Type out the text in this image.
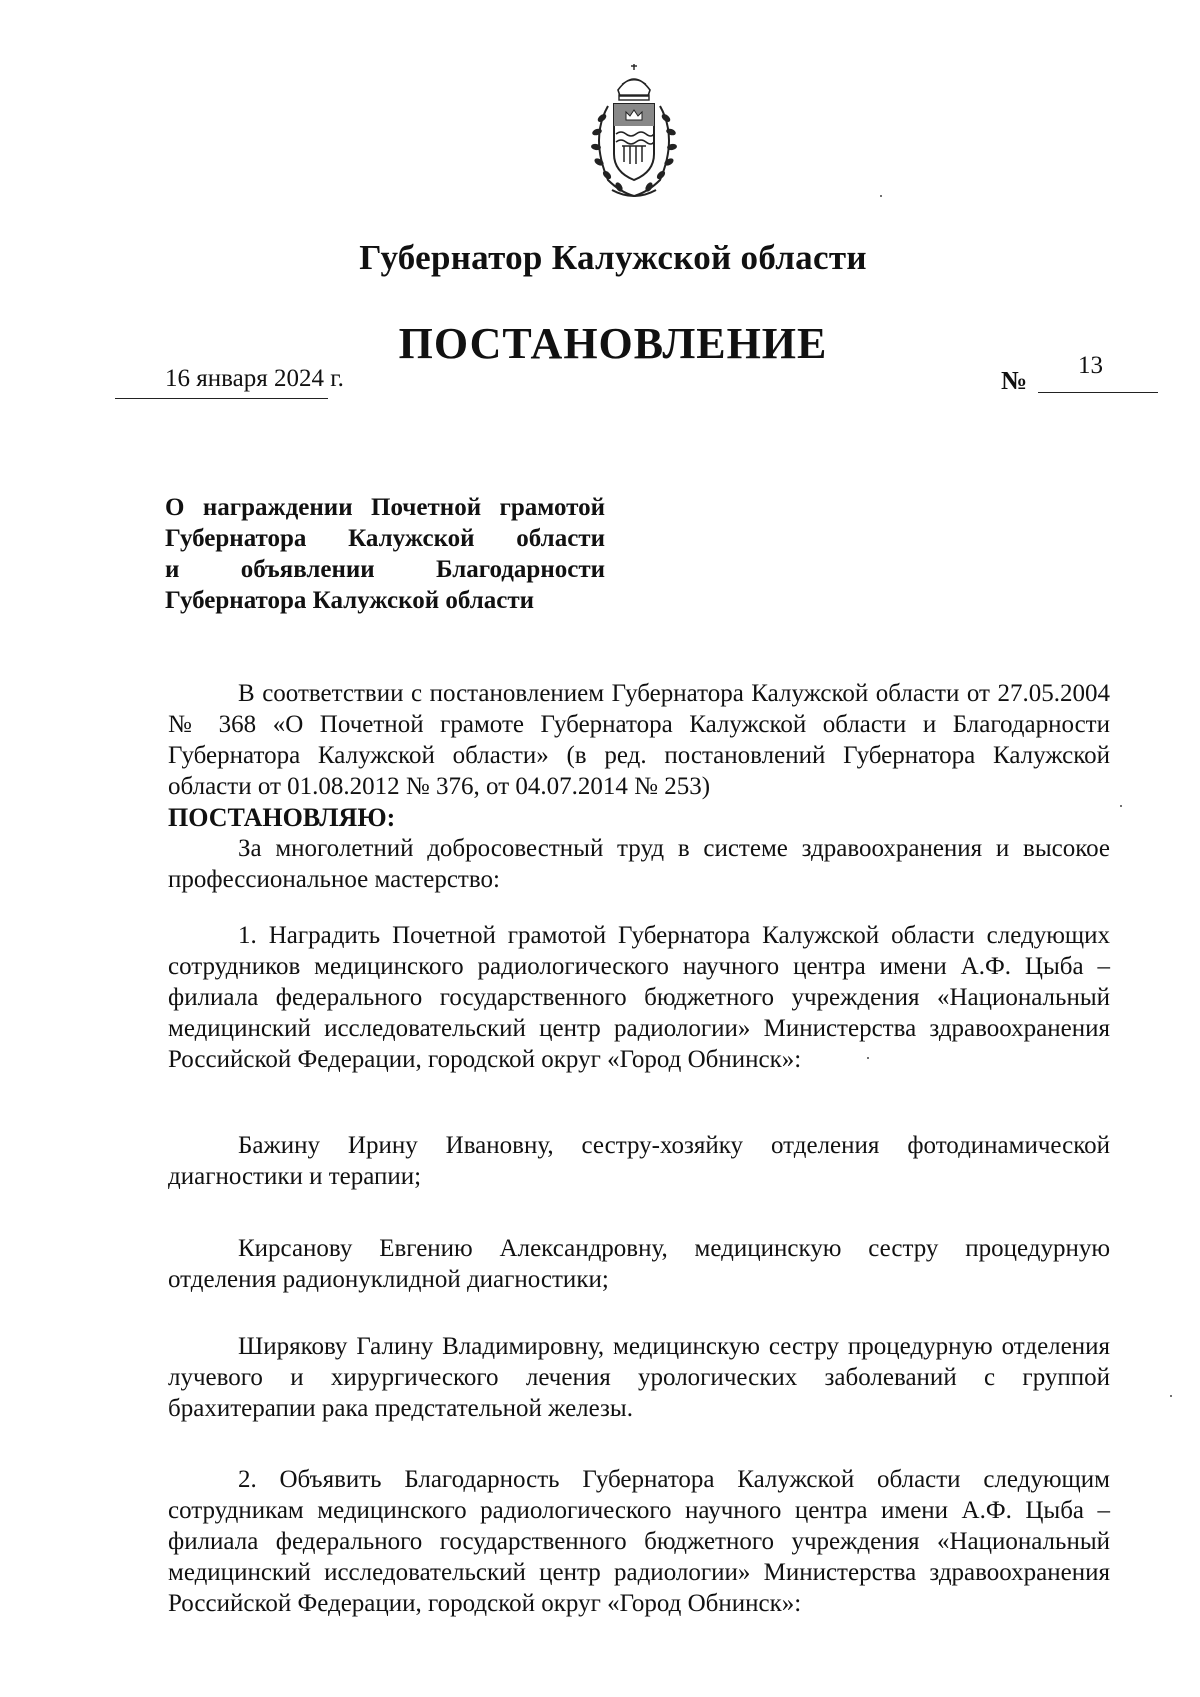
Губернатор Калужской области
ПОСТАНОВЛЕНИЕ
16 января 2024 г.	№
13
О награждении Почетной грамотой
Губернатора Калужской области
и объявлении Благодарности
Губернатора Калужской области

В соответствии с постановлением Губернатора Калужской области от 27.05.2004 № 368 «О Почетной грамоте Губернатора Калужской области и Благодарности Губернатора Калужской области» (в ред. постановлений Губернатора Калужской области от 01.08.2012 № 376, от 04.07.2014 № 253)

ПОСТАНОВЛЯЮ:

За многолетний добросовестный труд в системе здравоохранения и высокое профессиональное мастерство:

1. Наградить Почетной грамотой Губернатора Калужской области следующих сотрудников медицинского радиологического научного центра имени А.Ф. Цыба – филиала федерального государственного бюджетного учреждения «Национальный медицинский исследовательский центр радиологии» Министерства здравоохранения Российской Федерации, городской округ «Город Обнинск»:

Бажину Ирину Ивановну, сестру-хозяйку отделения фотодинамической диагностики и терапии;

Кирсанову Евгению Александровну, медицинскую сестру процедурную отделения радионуклидной диагностики;

Ширякову Галину Владимировну, медицинскую сестру процедурную отделения лучевого и хирургического лечения урологических заболеваний с группой брахитерапии рака предстательной железы.

2. Объявить Благодарность Губернатора Калужской области следующим сотрудникам медицинского радиологического научного центра имени А.Ф. Цыба – филиала федерального государственного бюджетного учреждения «Национальный медицинский исследовательский центр радиологии» Министерства здравоохранения Российской Федерации, городской округ «Город Обнинск»:
